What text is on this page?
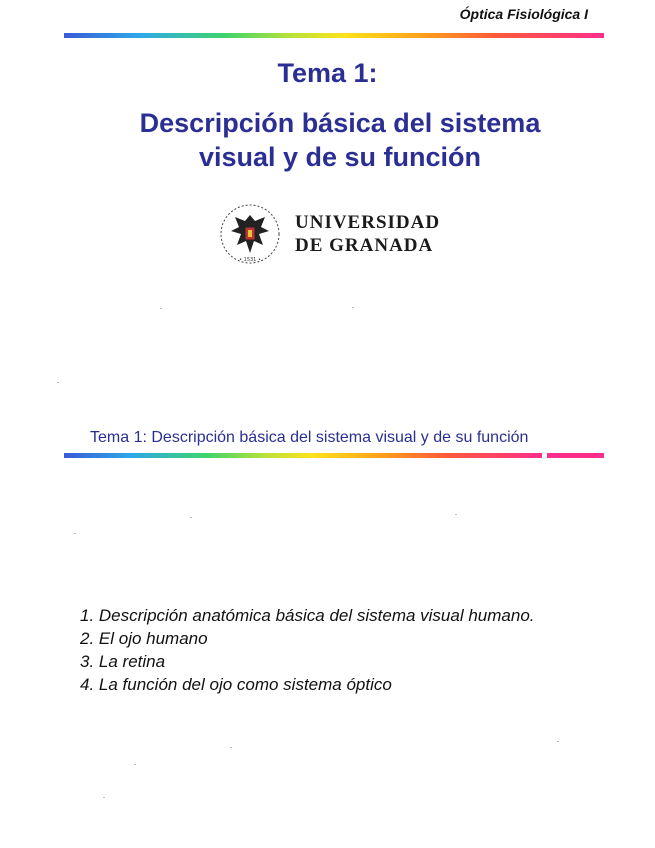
Óptica Fisiológica I
Tema 1:
Descripción básica del sistema
visual y de su función
• 1531 •
UNIVERSIDAD
DE GRANADA
Tema 1: Descripción básica del sistema visual y de su función
1. Descripción anatómica básica del sistema visual humano.
2. El ojo humano
3. La retina
4. La función del ojo como sistema óptico
